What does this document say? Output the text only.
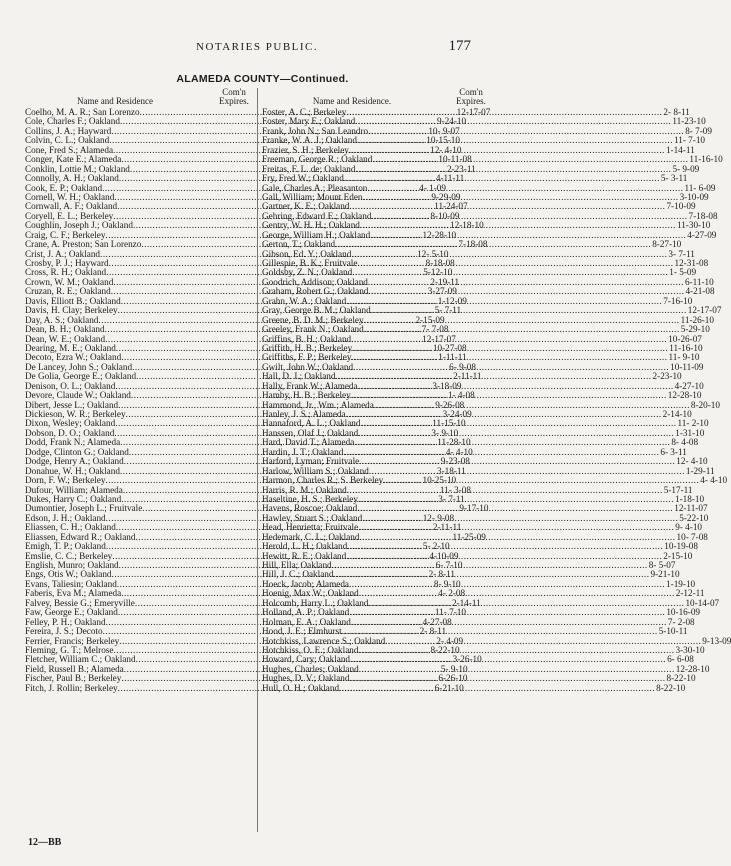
NOTARIES PUBLIC.	177
ALAMEDA COUNTY—Continued.
Name and Residence
Com'n
Expires.
Coelho, M. A. R.; San Lorenzo .....	12-17-07
Cole, Charles F.; Oakland .....	9-24-10
Collins, J. A.; Hayward .....	10- 9-07
Colvin, C. L.; Oakland .....	10-15-10
Cone, Fred S.; Alameda .....	12- 4-10
Conger, Kate E.; Alameda .....	10-11-08
Conklin, Lottie M.; Oakland .....	2-23-11
Connolly, A. H.; Oakland .....	4-11-11
Cook, E. P.; Oakland .....	4- 1-09
Cornell, W. H.; Oakland .....	9-29-09
Cornwall, A. F.; Oakland .....	11-24-07
Coryell, E. L.; Berkeley .....	8-10-09
Coughlin, Joseph J.; Oakland .....	12-18-10
Craig, C. F.; Berkeley .....	12-28-10
Crane, A. Preston; San Lorenzo .....	7-18-08
Crist, J. A.; Oakland .....	12- 5-10
Crosby, P. J.; Hayward .....	8-18-08
Cross, R. H.; Oakland .....	5-12-10
Crown, W. M.; Oakland .....	2-19-11
Cruzan, R. E.; Oakland .....	3-27-09
Davis, Elliott B.; Oakland .....	1-12-09
Davis, H. Clay; Berkeley .....	5- 7-11
Day, A. S.; Oakland .....	2-15-09
Dean, B. H.; Oakland .....	7- 7-08
Dean, W. E.; Oakland .....	12-17-07
Dearing, M. E.; Oakland .....	10-27-08
Decoto, Ezra W.; Oakland .....	1-11-11
De Lancey, John S.; Oakland .....	6- 9-08
De Golia, George E.; Oakland .....	2-11-11
Denison, O. L.; Oakland .....	3-18-09
Devore, Claude W.; Oakland .....	1- 4-08
Dibert, Jesse L.; Oakland .....	9-26-08
Dickieson, W. R.; Berkeley .....	3-24-09
Dixon, Wesley; Oakland .....	11-15-10
Dobson, D. O.; Oakland .....	3- 9-10
Dodd, Frank N.; Alameda .....	11-28-10
Dodge, Clinton G.; Oakland .....	4- 4-10
Dodge, Henry A.; Oakland .....	9-23-08
Donahue, W. H.; Oakland .....	3-18-11
Dorn, F. W.; Berkeley .....	10-25-10
Dufour, William; Alameda .....	11- 3-08
Dukes, Harry C.; Oakland .....	3- 7-11
Dumontier, Joseph L.; Fruitvale .....	9-17-10
Edson, J. H.; Oakland .....	12- 9-08
Eliassen, C. H.; Oakland .....	2-11-11
Eliassen, Edward R.; Oakland .....	11-25-09
Emigh, T. P.; Oakland .....	5- 2-10
Emslie, C. C.; Berkeley .....	4-10-09
English, Munro; Oakland .....	6- 7-10
Engs, Otis W.; Oakland .....	2- 8-11
Evans, Taliesin; Oakland .....	8- 9-10
Faberis, Eva M.; Alameda .....	4- 2-08
Falvey, Bessie G.; Emeryville .....	2-14-11
Faw, George E.; Oakland .....	11- 7-10
Felley, P. H.; Oakland .....	4-27-08
Fereira, J. S.; Decoto .....	2- 8-11
Ferrier, Francis; Berkeley .....	2- 4-09
Fleming, G. T.; Melrose .....	8-22-10
Fletcher, William C.; Oakland .....	3-26-10
Field, Russell B.; Alameda .....	5- 9-10
Fischer, Paul B.; Berkeley .....	6-26-10
Fitch, J. Rollin; Berkeley .....	6-21-10
Name and Residence.
Com'n
Expires.
Foster, A. C.; Berkeley .....	2- 8-11
Foster, Mary E.; Oakland .....	11-23-10
Frank, John N.; San Leandro .....	8- 7-09
Franke, W. A. J.; Oakland .....	11- 7-10
Frazier, S. H.; Berkeley .....	1-14-11
Freeman, George R.; Oakland .....	11-16-10
Freitas, F. L. de; Oakland .....	5- 9-09
Fry, Fred W.; Oakland .....	5- 3-11
Gale, Charles A.; Pleasanton .....	11- 6-09
Gall, William; Mount Eden .....	3-10-09
Gartner, K. E.; Oakland .....	7-10-09
Gehring, Edward E.; Oakland .....	7-18-08
Gentry, W. H. H.; Oakland .....	11-30-10
George, William H.; Oakland .....	4-27-09
Gerton, T.; Oakland .....	8-27-10
Gibson, Ed. Y.; Oakland .....	3- 7-11
Gillespie, B. K.; Fruitvale .....	12-31-08
Goldsby, Z. N.; Oakland .....	1- 5-09
Goodrich, Addison; Oakland .....	6-11-10
Graham, Robert G.; Oakland .....	4-21-08
Grahn, W. A.; Oakland .....	7-16-10
Gray, George B. M.; Oakland .....	12-17-07
Greene, B. D. M.; Berkeley .....	11-26-10
Greeley, Frank N.; Oakland .....	5-29-10
Griffins, B. H.; Oakland .....	10-26-07
Griffith, H. B.; Berkeley .....	11-16-10
Griffiths, F. P.; Berkeley .....	11- 9-10
Gwilt, John W.; Oakland .....	10-11-09
Hall, D. J.; Oakland .....	2-23-10
Hally, Frank W.; Alameda .....	4-27-10
Hamby, H. B.; Berkeley .....	12-28-10
Hammond, Jr., Wm.; Alameda .....	8-20-10
Hanley, J. S.; Alameda .....	2-14-10
Hannaford, A. L.; Oakland .....	11- 2-10
Hanssen, Olaf J.; Oakland .....	1-31-10
Hard, David T.; Alameda .....	8- 4-08
Hardin, J. T.; Oakland .....	6- 3-11
Harford, Lyman; Fruitvale .....	12- 4-10
Harlow, William S.; Oakland .....	1-29-11
Harmon, Charles R.; S. Berkeley .....	4- 4-10
Harris, R. M.; Oakland .....	5-17-11
Haseltine, H. S.; Berkeley .....	1-18-10
Havens, Roscoe; Oakland .....	12-11-07
Hawley, Stuart S.; Oakland .....	5-22-10
Head, Henrietta; Fruitvale .....	9- 4-10
Hedemark, C. L.; Oakland .....	10- 7-08
Herold, L. H.; Oakland .....	10-19-08
Hewitt, R. E.; Oakland .....	2-15-10
Hill, Ella; Oakland .....	8- 5-07
Hill, J. C.; Oakland .....	9-21-10
Hoeck, Jacob; Alameda .....	1-19-10
Hoenig, Max W.; Oakland .....	2-12-11
Holcomb, Harry L.; Oakland .....	10-14-07
Holland, A. P.; Oakland .....	10-16-09
Holman, E. A.; Oakland .....	7- 2-08
Hood, J. E.; Elmhurst .....	5-10-11
Hotchkiss, Lawrence S.; Oakland .....	9-13-09
Hotchkiss, O. E.; Oakland .....	3-30-10
Howard, Cary; Oakland .....	6- 6-08
Hughes, Charles; Oakland .....	12-28-10
Hughes, D. V.; Oakland .....	8-22-10
Hull, O. H.; Oakland .....	8-22-10
12—BB
